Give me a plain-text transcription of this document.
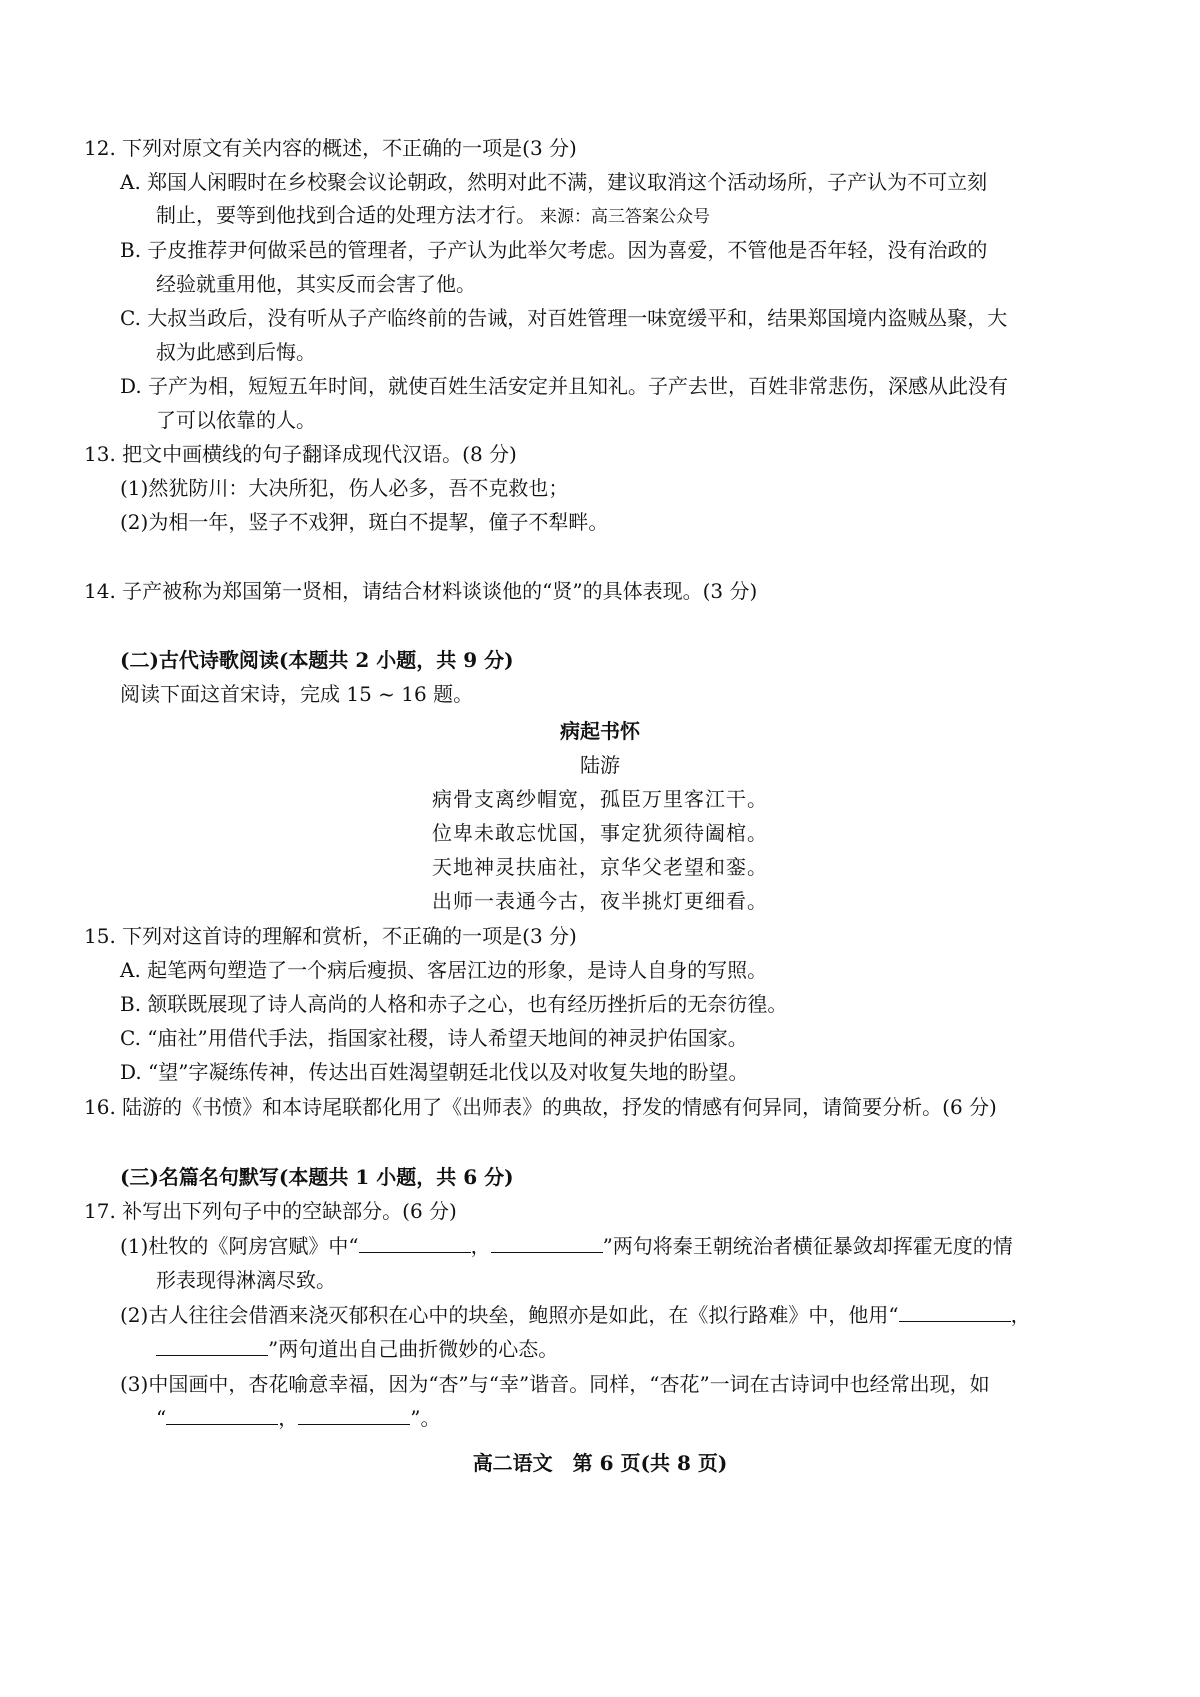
12. 下列对原文有关内容的概述，不正确的一项是(3 分)
A. 郑国人闲暇时在乡校聚会议论朝政，然明对此不满，建议取消这个活动场所，子产认为不可立刻
制止，要等到他找到合适的处理方法才行。 来源：高三答案公众号
B. 子皮推荐尹何做采邑的管理者，子产认为此举欠考虑。因为喜爱，不管他是否年轻，没有治政的
经验就重用他，其实反而会害了他。
C. 大叔当政后，没有听从子产临终前的告诫，对百姓管理一味宽缓平和，结果郑国境内盗贼丛聚，大
叔为此感到后悔。
D. 子产为相，短短五年时间，就使百姓生活安定并且知礼。子产去世，百姓非常悲伤，深感从此没有
了可以依靠的人。
13. 把文中画横线的句子翻译成现代汉语。(8 分)
(1)然犹防川：大决所犯，伤人必多，吾不克救也；
(2)为相一年，竖子不戏狎，斑白不提挈，僮子不犁畔。
14. 子产被称为郑国第一贤相，请结合材料谈谈他的“贤”的具体表现。(3 分)
(二)古代诗歌阅读(本题共 2 小题，共 9 分)
阅读下面这首宋诗，完成 15 ~ 16 题。
病起书怀
陆游
病骨支离纱帽宽，孤臣万里客江干。
位卑未敢忘忧国，事定犹须待阖棺。
天地神灵扶庙社，京华父老望和銮。
出师一表通今古，夜半挑灯更细看。
15. 下列对这首诗的理解和赏析，不正确的一项是(3 分)
A. 起笔两句塑造了一个病后瘦损、客居江边的形象，是诗人自身的写照。
B. 颔联既展现了诗人高尚的人格和赤子之心，也有经历挫折后的无奈彷徨。
C. “庙社”用借代手法，指国家社稷，诗人希望天地间的神灵护佑国家。
D. “望”字凝练传神，传达出百姓渴望朝廷北伐以及对收复失地的盼望。
16. 陆游的《书愤》和本诗尾联都化用了《出师表》的典故，抒发的情感有何异同，请简要分析。(6 分)
(三)名篇名句默写(本题共 1 小题，共 6 分)
17. 补写出下列句子中的空缺部分。(6 分)
(1)杜牧的《阿房宫赋》中“	，	”两句将秦王朝统治者横征暴敛却挥霍无度的情
形表现得淋漓尽致。
(2)古人往往会借酒来浇灭郁积在心中的块垒，鲍照亦是如此，在《拟行路难》中，他用“	，
”两句道出自己曲折微妙的心态。
(3)中国画中，杏花喻意幸福，因为“杏”与“幸”谐音。同样，“杏花”一词在古诗词中也经常出现，如
“	，	”。
高二语文　第 6 页(共 8 页)
